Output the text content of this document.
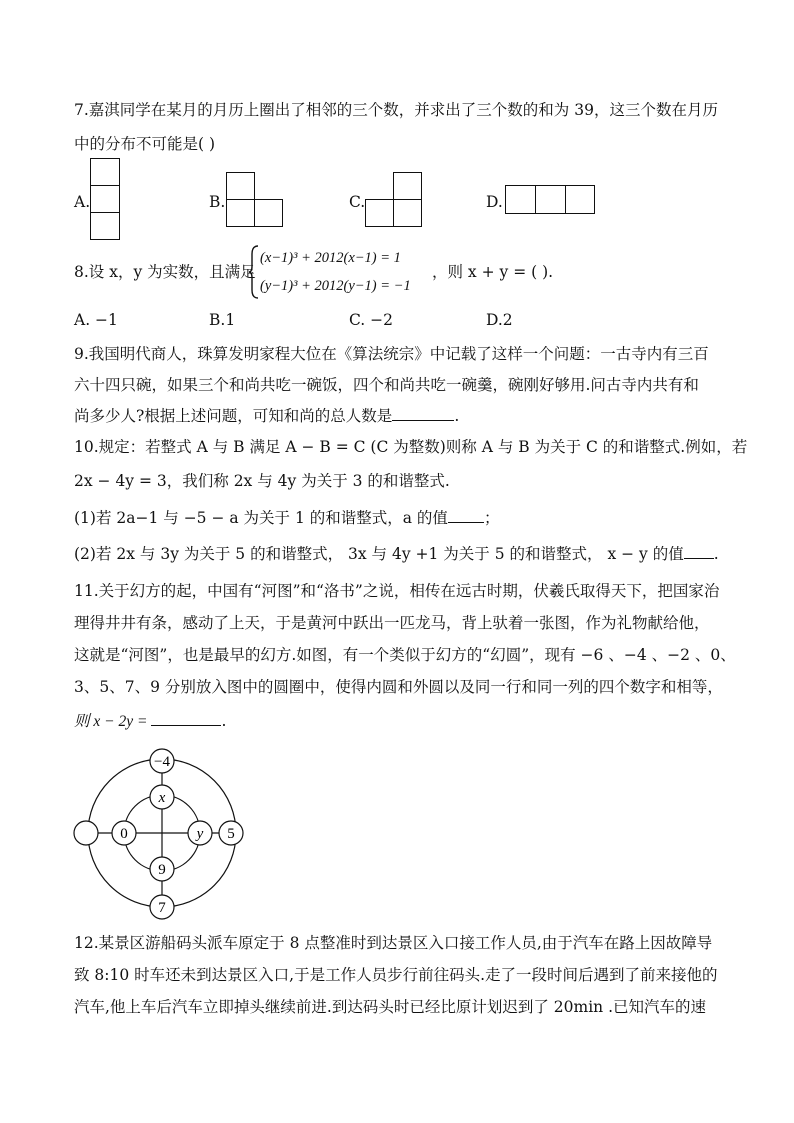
7.嘉淇同学在某月的月历上圈出了相邻的三个数，并求出了三个数的和为 39，这三个数在月历
中的分布不可能是( )
A.	B.	C.	D.
8.设 x，y 为实数，且满足
(x−1)³ + 2012(x−1) = 1
(y−1)³ + 2012(y−1) = −1
，则 x + y = ( ).
A. −1	B.1	C. −2	D.2
9.我国明代商人，珠算发明家程大位在《算法统宗》中记载了这样一个问题：一古寺内有三百
六十四只碗，如果三个和尚共吃一碗饭，四个和尚共吃一碗羹，碗刚好够用.问古寺内共有和
尚多少人?根据上述问题，可知和尚的总人数是	.
10.规定：若整式 A 与 B 满足 A − B = C (C 为整数)则称 A 与 B 为关于 C 的和谐整式.例如，若
2x − 4y = 3，我们称 2x 与 4y 为关于 3 的和谐整式.
(1)若 2a−1 与 −5 − a 为关于 1 的和谐整式，a 的值 ；
(2)若 2x 与 3y 为关于 5 的和谐整式， 3x 与 4y +1 为关于 5 的和谐整式， x − y 的值 .
11.关于幻方的起，中国有“河图”和“洛书”之说，相传在远古时期，伏羲氏取得天下，把国家治
理得井井有条，感动了上天，于是黄河中跃出一匹龙马，背上驮着一张图，作为礼物献给他，
这就是“河图”，也是最早的幻方.如图，有一个类似于幻方的“幻圆”，现有 −6 、−4 、−2 、0、
3、5、7、9 分别放入图中的圆圈中，使得内圆和外圆以及同一行和同一列的四个数字和相等，
则 x − 2y =	.
−4
5
7
x
0	y
9
12.某景区游船码头派车原定于 8 点整准时到达景区入口接工作人员,由于汽车在路上因故障导
致 8:10 时车还未到达景区入口,于是工作人员步行前往码头.走了一段时间后遇到了前来接他的
汽车,他上车后汽车立即掉头继续前进.到达码头时已经比原计划迟到了 20min .已知汽车的速
